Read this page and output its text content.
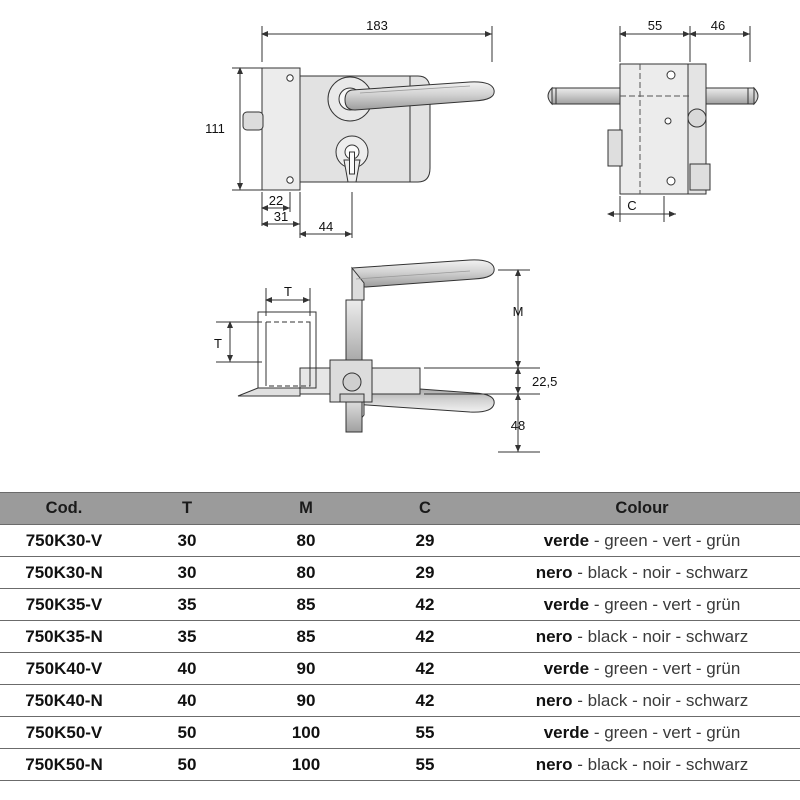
183
111
22
31
44
55	46
C
T
T
M
22,5
48
Cod.	T	M	C	Colour
750K30-V	30	80	29	verde - green - vert - grün
750K30-N	30	80	29	nero - black - noir - schwarz
750K35-V	35	85	42	verde - green - vert - grün
750K35-N	35	85	42	nero - black - noir - schwarz
750K40-V	40	90	42	verde - green - vert - grün
750K40-N	40	90	42	nero - black - noir - schwarz
750K50-V	50	100	55	verde - green - vert - grün
750K50-N	50	100	55	nero - black - noir - schwarz
